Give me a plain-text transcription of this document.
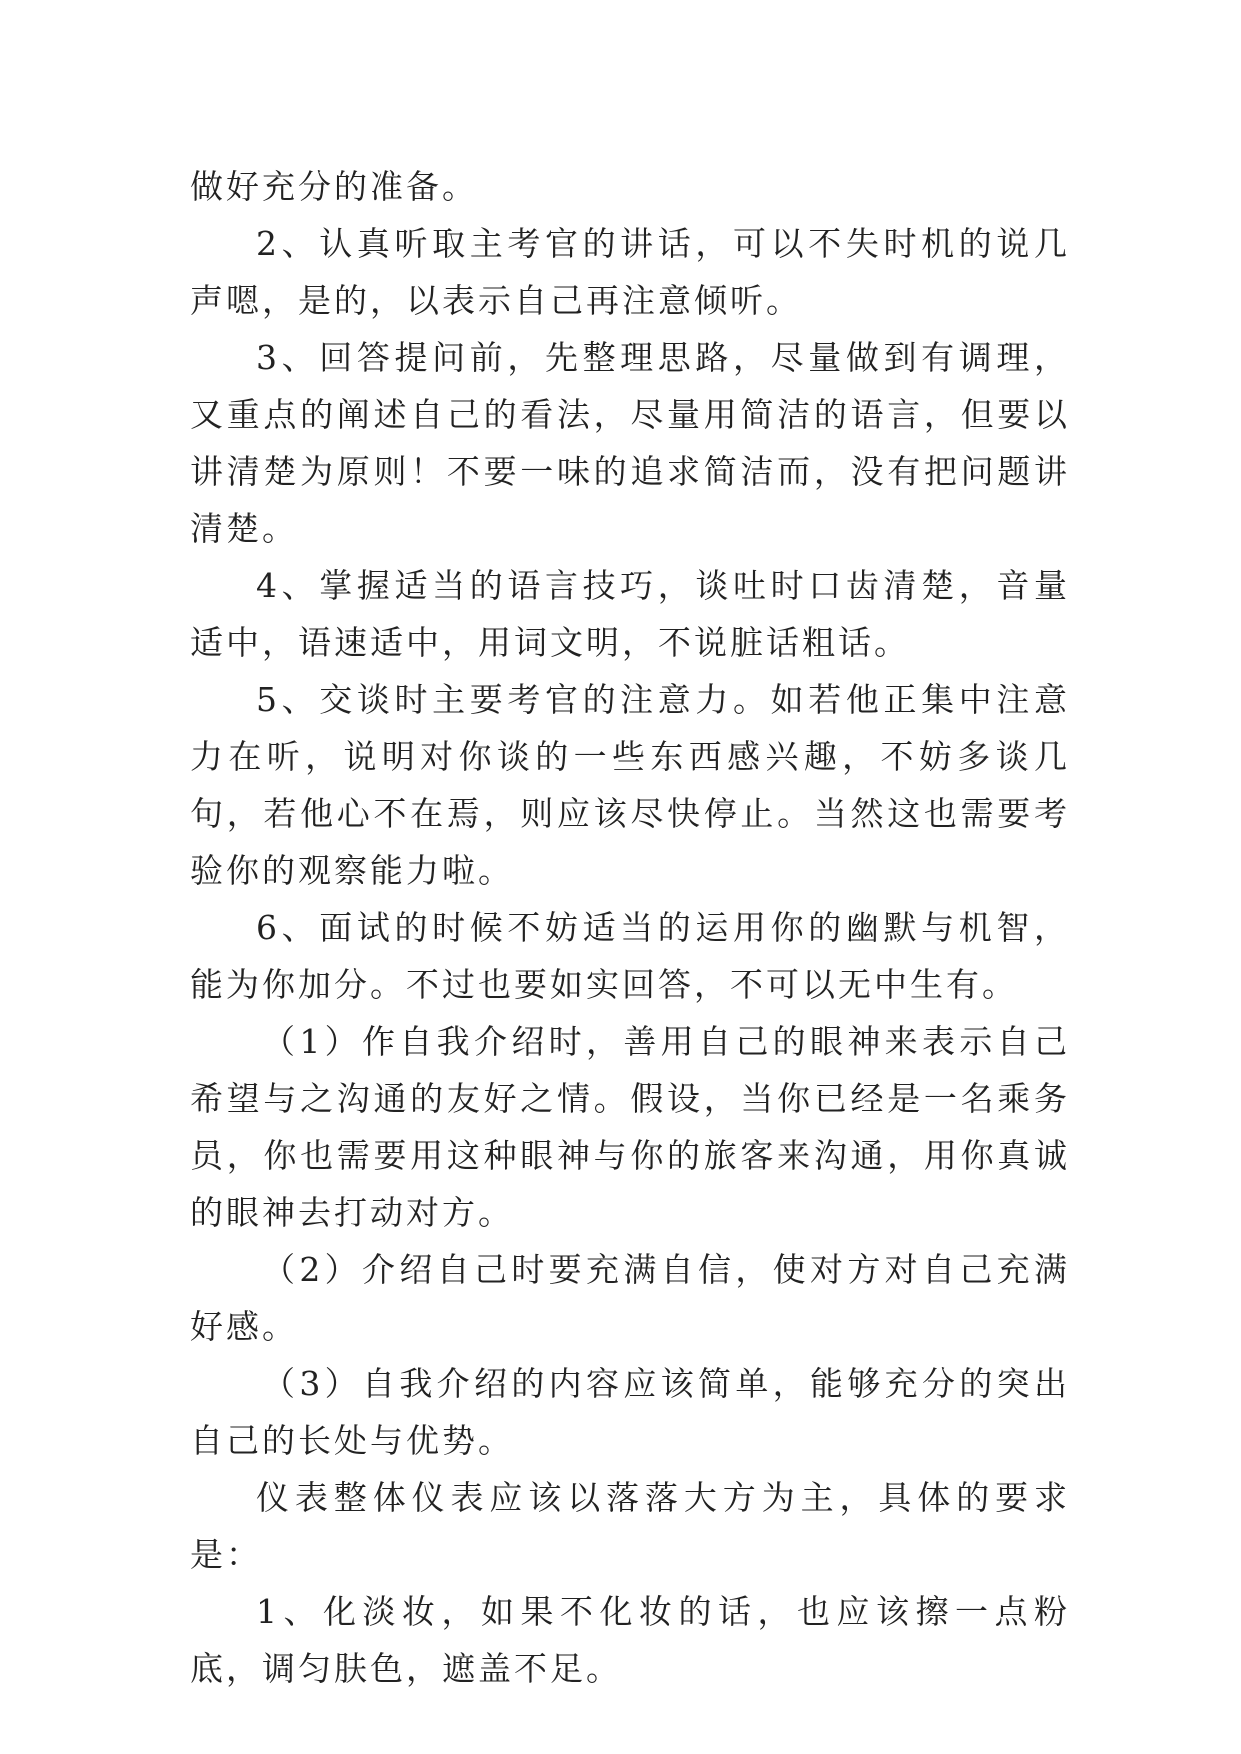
做好充分的准备。

2、认真听取主考官的讲话，可以不失时机的说几声嗯，是的，以表示自己再注意倾听。

3、回答提问前，先整理思路，尽量做到有调理，又重点的阐述自己的看法，尽量用简洁的语言，但要以讲清楚为原则！不要一味的追求简洁而，没有把问题讲清楚。

4、掌握适当的语言技巧，谈吐时口齿清楚，音量适中，语速适中，用词文明，不说脏话粗话。

5、交谈时主要考官的注意力。如若他正集中注意力在听，说明对你谈的一些东西感兴趣，不妨多谈几句，若他心不在焉，则应该尽快停止。当然这也需要考验你的观察能力啦。

6、面试的时候不妨适当的运用你的幽默与机智，能为你加分。不过也要如实回答，不可以无中生有。

（1）作自我介绍时，善用自己的眼神来表示自己希望与之沟通的友好之情。假设，当你已经是一名乘务员，你也需要用这种眼神与你的旅客来沟通，用你真诚的眼神去打动对方。

（2）介绍自己时要充满自信，使对方对自己充满好感。

（3）自我介绍的内容应该简单，能够充分的突出自己的长处与优势。

仪表整体仪表应该以落落大方为主，具体的要求是：

1、化淡妆，如果不化妆的话，也应该擦一点粉底，调匀肤色，遮盖不足。
